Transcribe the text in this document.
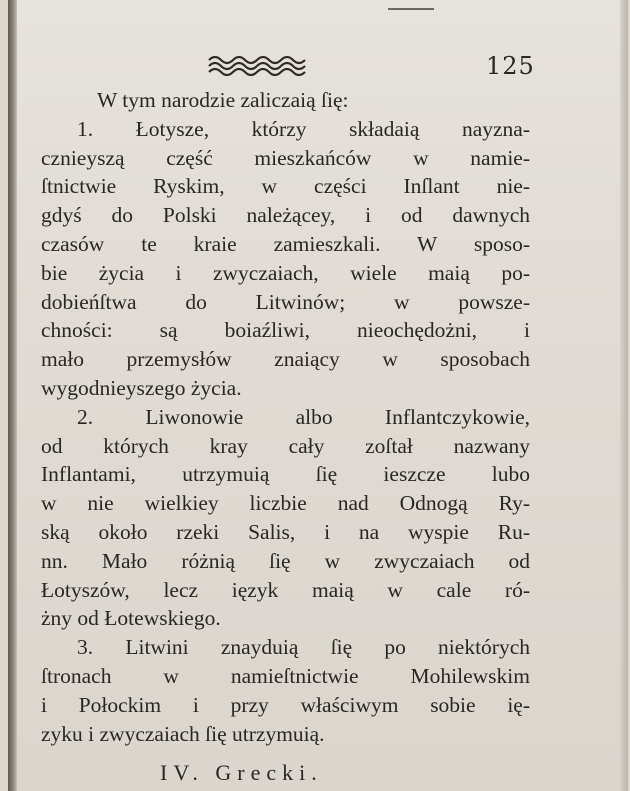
125
W tym narodzie zaliczaią ſię:
1. Łotysze, którzy składaią nayzna-
cznieyszą część mieszkańców w namie-
ſtnictwie Ryskim, w części Inſlant nie-
gdyś do Polski należącey, i od dawnych
czasów te kraie zamieszkali. W sposo-
bie życia i zwyczaiach, wiele maią po-
dobieńſtwa do Litwinów; w powsze-
chności: są boiaźliwi, nieochędożni, i
mało przemysłów znaiący w sposobach
wygodnieyszego życia.
2. Liwonowie albo Inflantczykowie,
od których kray cały zoſtał nazwany
Inflantami, utrzymuią ſię ieszcze lubo
w nie wielkiey liczbie nad Odnogą Ry-
ską około rzeki Salis, i na wyspie Ru-
nn. Mało różnią ſię w zwyczaiach od
Łotyszów, lecz ięzyk maią w cale ró-
żny od Łotewskiego.
3. Litwini znayduią ſię po niektórych
ſtronach w namieſtnictwie Mohilewskim
i Połockim i przy właściwym sobie ię-
zyku i zwyczaiach ſię utrzymuią.
IV. Grecki.
